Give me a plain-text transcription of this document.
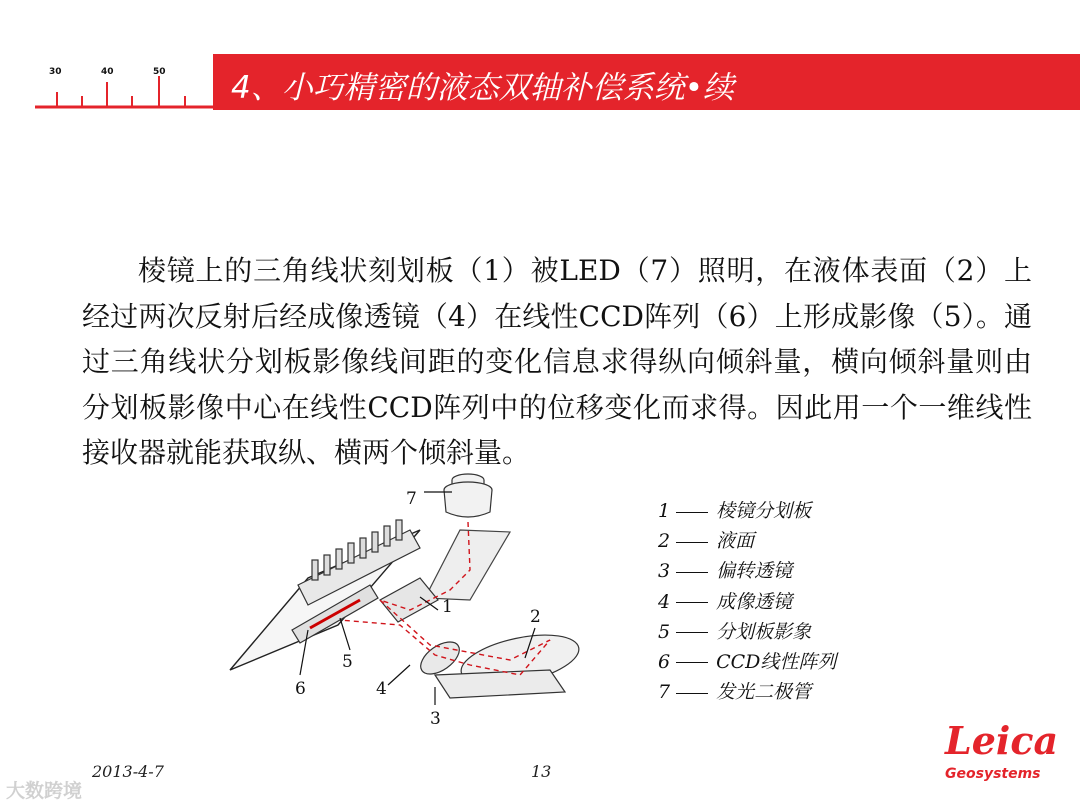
30	40	50 4、小巧精密的液态双轴补偿系统•续

棱镜上的三角线状刻划板（1）被LED（7）照明，在液体表面（2）上经过两次反射后经成像透镜（4）在线性CCD阵列（6）上形成影像（5）。通过三角线状分划板影像线间距的变化信息求得纵向倾斜量，横向倾斜量则由分划板影像中心在线性CCD阵列中的位移变化而求得。因此用一个一维线性接收器就能获取纵、横两个倾斜量。

7
1	2
5
6	4
3
1 棱镜分划板
2 液面
3 偏转透镜
4 成像透镜
5 分划板影象
6 CCD线性阵列
7 发光二极管
2013-4-7	13
大数跨境
Leica
Geosystems
